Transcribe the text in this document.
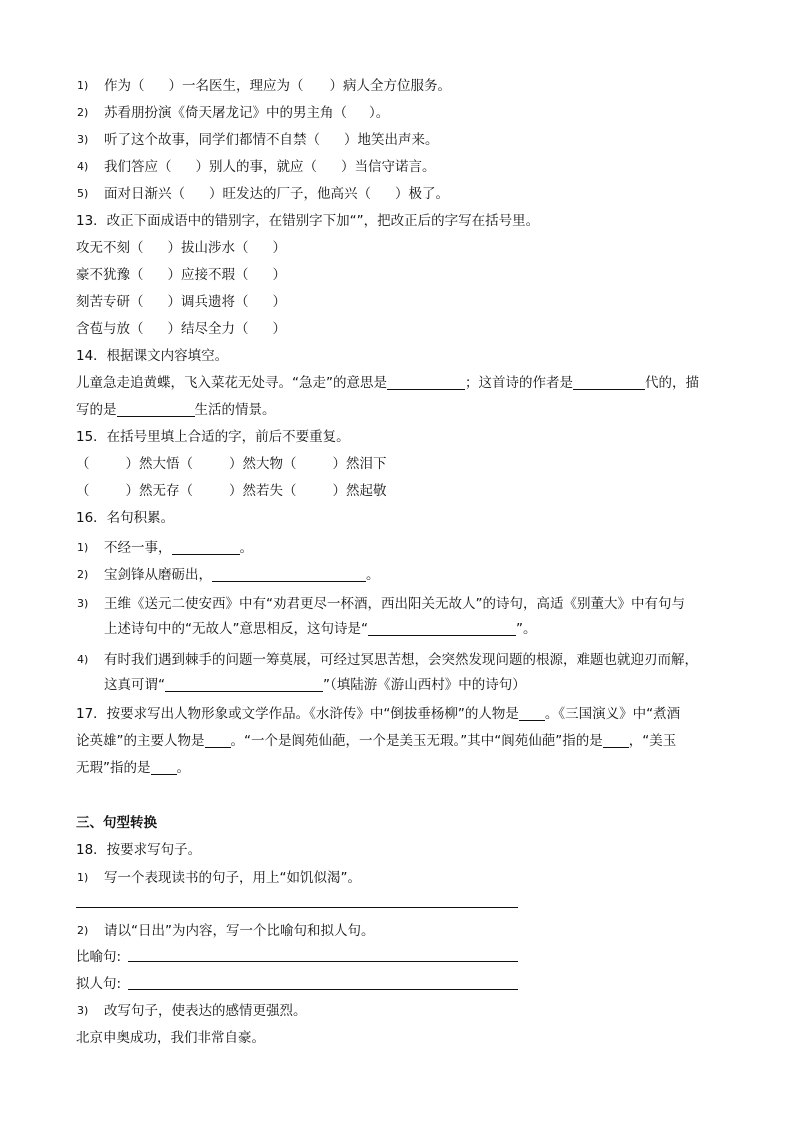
1) 作为（ ）一名医生，理应为（ ）病人全方位服务。
2) 苏看朋扮演《倚天屠龙记》中的男主角（ ）。
3) 听了这个故事，同学们都情不自禁（ ）地笑出声来。
4) 我们答应（ ）别人的事，就应（ ）当信守诺言。
5) 面对日渐兴（ ）旺发达的厂子，他高兴（ ）极了。
13．改正下面成语中的错别字，在错别字下加“”，把改正后的字写在括号里。
攻无不刻（ ）拔山涉水（ ）
豪不犹豫（ ）应接不瑕（ ）
刻苦专研（ ）调兵遗将（ ）
含苞与放（ ）结尽全力（ ）
14．根据课文内容填空。
儿童急走追黄蝶，飞入菜花无处寻。“急走”的意思是	；这首诗的作者是	代的，描
写的是	生活的情景。
15．在括号里填上合适的字，前后不要重复。
（	）然大悟（	）然大物（	）然泪下
（	）然无存（	）然若失（	）然起敬
16．名句积累。
1) 不经一事，	。
2) 宝剑锋从磨砺出，	。
3) 王维《送元二使安西》中有“劝君更尽一杯酒，西出阳关无故人”的诗句，高适《别董大》中有句与
上述诗句中的“无故人”意思相反，这句诗是“	”。
4) 有时我们遇到棘手的问题一筹莫展，可经过冥思苦想，会突然发现问题的根源，难题也就迎刃而解，
这真可谓“	”（填陆游《游山西村》中的诗句）
17．按要求写出人物形象或文学作品。《水浒传》中“倒拔垂杨柳”的人物是 。《三国演义》中“煮酒
论英雄”的主要人物是 。“一个是阆苑仙葩，一个是美玉无瑕。”其中“阆苑仙葩”指的是 ，“美玉
无瑕”指的是 。
三、句型转换
18．按要求写句子。
1) 写一个表现读书的句子，用上“如饥似渴”。
2) 请以“日出”为内容，写一个比喻句和拟人句。
比喻句:
拟人句:
3) 改写句子，使表达的感情更强烈。
北京申奥成功，我们非常自豪。
